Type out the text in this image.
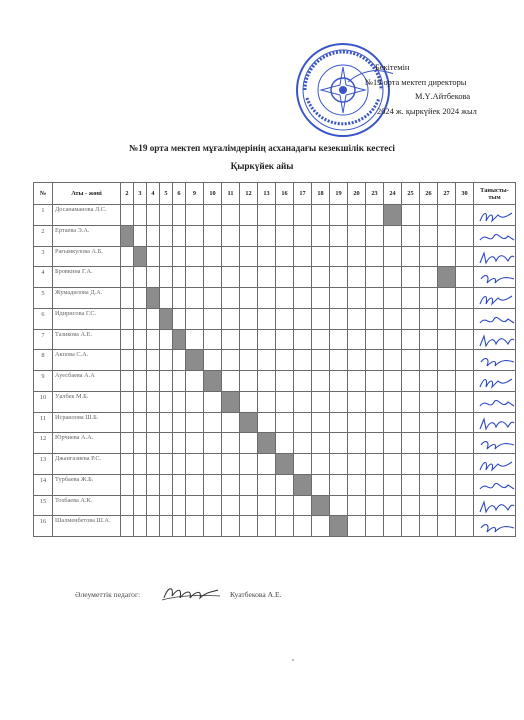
Бекітемін
№19 орта мектеп директоры
М.Ү.Айтбекова
2024 ж. қыркүйек 2024 жыл
№19 орта мектеп мұғалімдерінің асханадағы кезекшілік кестесі
Қыркүйек айы
№	Аты - жөні	2	3	4	5	6	9	10	11	12	13	16	17	18	19	20	23	24	25	26	27	30	Танысты-
тым
1	Досанаманова Л.С.																						

2	Ертаева Э.А.																						

3	Рағымкулова А.Б.																						

4	Бровкина Г.А.																						

5	Жумадилова Д.А.																						

6	Идирисова Г.С.																						

7	Тазикова А.Е.																						

8	Акпова С.А.																						

9	Ауесбаева А.А																						

10	Уалбек М.Б.																						

11	Исраилова Ш.Б.																						

12	Юрчиева А.А.																						

13	Джангазиева Р.С.																						

14	Турбаева Ж.Б.																						

15	Тохбаева А.К.																						

16	Шалменбетова Ш.А.																						
Әлеуметтік педагог:	Куатбекова А.Е.
